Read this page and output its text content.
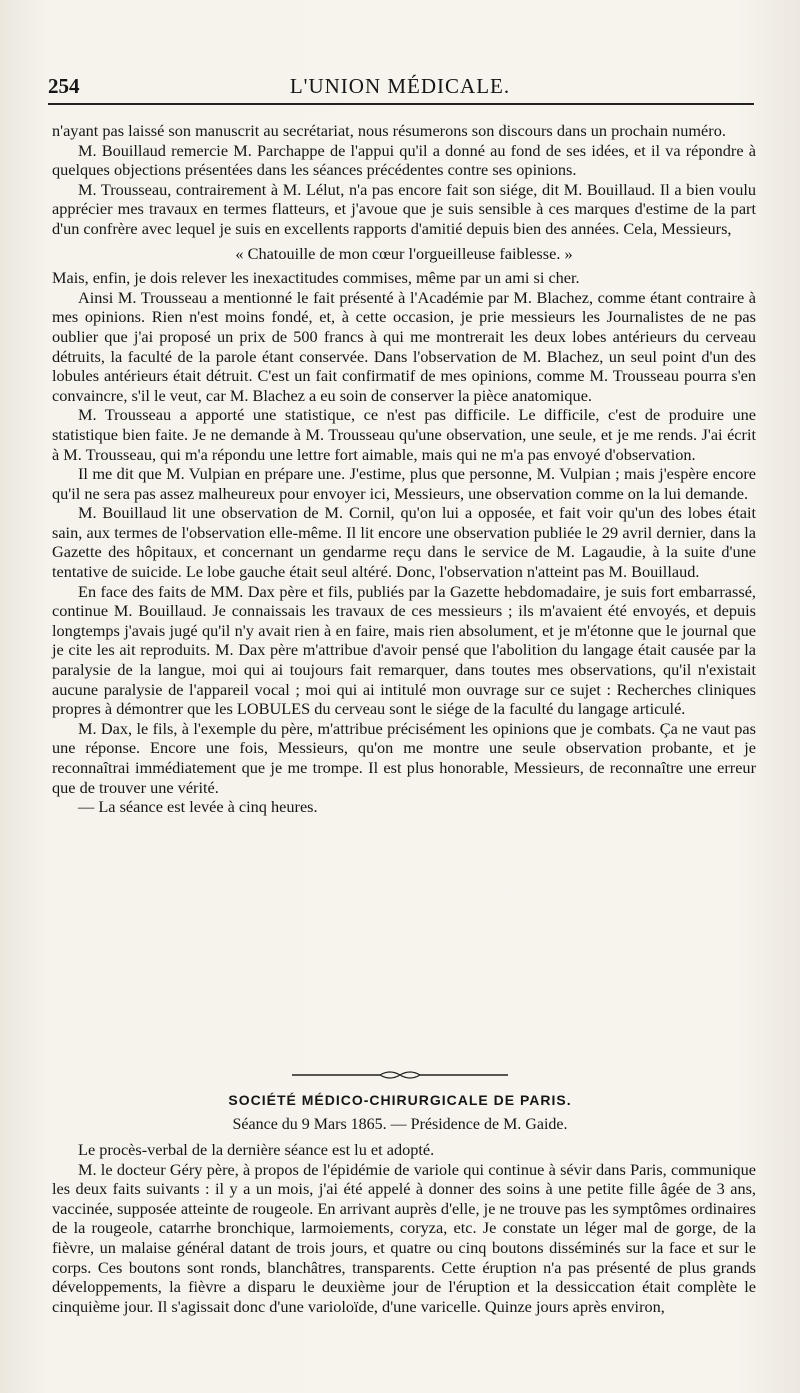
254	L'UNION MÉDICALE.

n'ayant pas laissé son manuscrit au secrétariat, nous résumerons son discours dans un prochain numéro.

M. Bouillaud remercie M. Parchappe de l'appui qu'il a donné au fond de ses idées, et il va répondre à quelques objections présentées dans les séances précédentes contre ses opinions.

M. Trousseau, contrairement à M. Lélut, n'a pas encore fait son siége, dit M. Bouillaud. Il a bien voulu apprécier mes travaux en termes flatteurs, et j'avoue que je suis sensible à ces marques d'estime de la part d'un confrère avec lequel je suis en excellents rapports d'amitié depuis bien des années. Cela, Messieurs,

« Chatouille de mon cœur l'orgueilleuse faiblesse. »

Mais, enfin, je dois relever les inexactitudes commises, même par un ami si cher.

Ainsi M. Trousseau a mentionné le fait présenté à l'Académie par M. Blachez, comme étant contraire à mes opinions. Rien n'est moins fondé, et, à cette occasion, je prie messieurs les Journalistes de ne pas oublier que j'ai proposé un prix de 500 francs à qui me montrerait les deux lobes antérieurs du cerveau détruits, la faculté de la parole étant conservée. Dans l'observation de M. Blachez, un seul point d'un des lobules antérieurs était détruit. C'est un fait confirmatif de mes opinions, comme M. Trousseau pourra s'en convaincre, s'il le veut, car M. Blachez a eu soin de conserver la pièce anatomique.

M. Trousseau a apporté une statistique, ce n'est pas difficile. Le difficile, c'est de produire une statistique bien faite. Je ne demande à M. Trousseau qu'une observation, une seule, et je me rends. J'ai écrit à M. Trousseau, qui m'a répondu une lettre fort aimable, mais qui ne m'a pas envoyé d'observation.

Il me dit que M. Vulpian en prépare une. J'estime, plus que personne, M. Vulpian ; mais j'espère encore qu'il ne sera pas assez malheureux pour envoyer ici, Messieurs, une observation comme on la lui demande.

M. Bouillaud lit une observation de M. Cornil, qu'on lui a opposée, et fait voir qu'un des lobes était sain, aux termes de l'observation elle-même. Il lit encore une observation publiée le 29 avril dernier, dans la Gazette des hôpitaux, et concernant un gendarme reçu dans le service de M. Lagaudie, à la suite d'une tentative de suicide. Le lobe gauche était seul altéré. Donc, l'observation n'atteint pas M. Bouillaud.

En face des faits de MM. Dax père et fils, publiés par la Gazette hebdomadaire, je suis fort embarrassé, continue M. Bouillaud. Je connaissais les travaux de ces messieurs ; ils m'avaient été envoyés, et depuis longtemps j'avais jugé qu'il n'y avait rien à en faire, mais rien absolument, et je m'étonne que le journal que je cite les ait reproduits. M. Dax père m'attribue d'avoir pensé que l'abolition du langage était causée par la paralysie de la langue, moi qui ai toujours fait remarquer, dans toutes mes observations, qu'il n'existait aucune paralysie de l'appareil vocal ; moi qui ai intitulé mon ouvrage sur ce sujet : Recherches cliniques propres à démontrer que les LOBULES du cerveau sont le siége de la faculté du langage articulé.

M. Dax, le fils, à l'exemple du père, m'attribue précisément les opinions que je combats. Ça ne vaut pas une réponse. Encore une fois, Messieurs, qu'on me montre une seule observation probante, et je reconnaîtrai immédiatement que je me trompe. Il est plus honorable, Messieurs, de reconnaître une erreur que de trouver une vérité.

— La séance est levée à cinq heures.

SOCIÉTÉ MÉDICO-CHIRURGICALE DE PARIS.
Séance du 9 Mars 1865. — Présidence de M. Gaide.

Le procès-verbal de la dernière séance est lu et adopté.

M. le docteur Géry père, à propos de l'épidémie de variole qui continue à sévir dans Paris, communique les deux faits suivants : il y a un mois, j'ai été appelé à donner des soins à une petite fille âgée de 3 ans, vaccinée, supposée atteinte de rougeole. En arrivant auprès d'elle, je ne trouve pas les symptômes ordinaires de la rougeole, catarrhe bronchique, larmoiements, coryza, etc. Je constate un léger mal de gorge, de la fièvre, un malaise général datant de trois jours, et quatre ou cinq boutons disséminés sur la face et sur le corps. Ces boutons sont ronds, blanchâtres, transparents. Cette éruption n'a pas présenté de plus grands développements, la fièvre a disparu le deuxième jour de l'éruption et la dessiccation était complète le cinquième jour. Il s'agissait donc d'une varioloïde, d'une varicelle. Quinze jours après environ,
